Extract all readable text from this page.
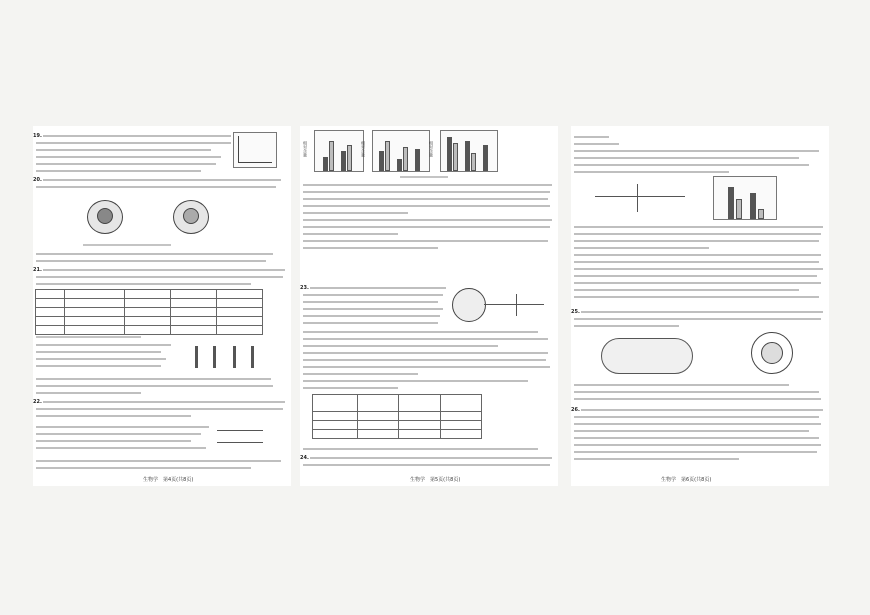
19.
20.
21.

22.
生物学　第4页(共8页)
相对含量	相对含量	相对含量
23.

24.
生物学　第5页(共8页)
25.
26.
生物学　第6页(共8页)
